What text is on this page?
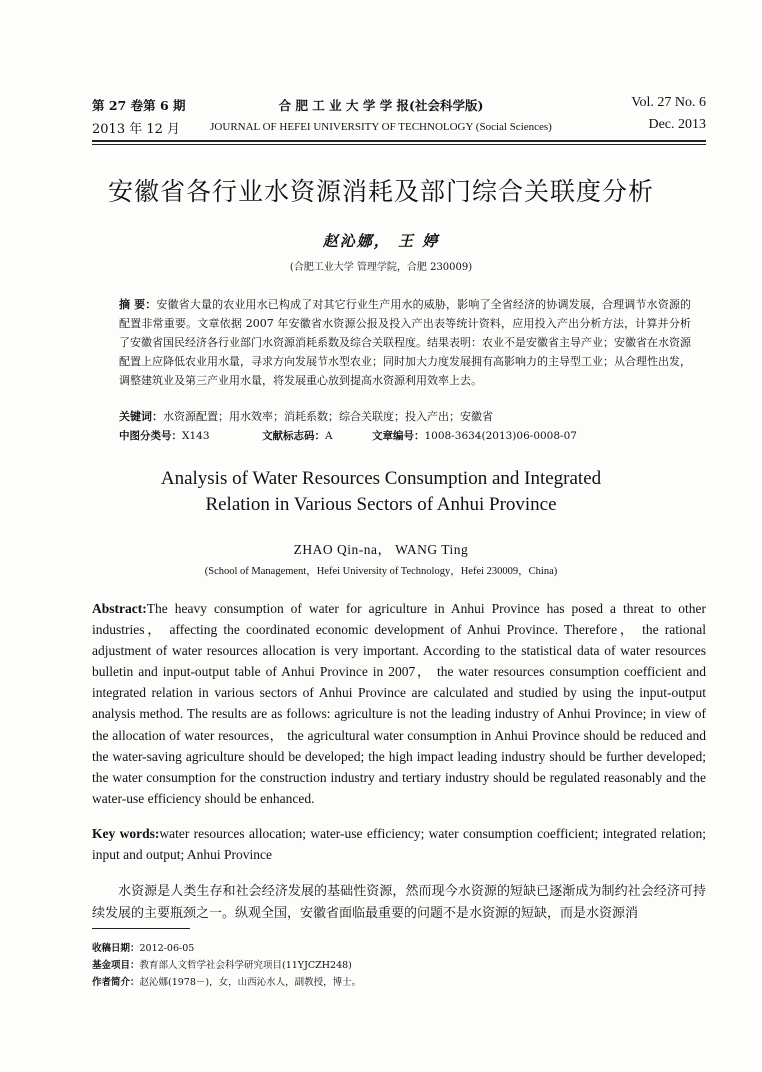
第 27 卷第 6 期
2013 年 12 月
合 肥 工 业 大 学 学 报(社会科学版)
JOURNAL OF HEFEI UNIVERSITY OF TECHNOLOGY (Social Sciences)
Vol. 27 No. 6
Dec. 2013
安徽省各行业水资源消耗及部门综合关联度分析
赵沁娜， 王 婷
(合肥工业大学 管理学院，合肥 230009)

摘 要：安徽省大量的农业用水已构成了对其它行业生产用水的威胁，影响了全省经济的协调发展，合理调节水资源的配置非常重要。文章依据 2007 年安徽省水资源公报及投入产出表等统计资料，应用投入产出分析方法，计算并分析了安徽省国民经济各行业部门水资源消耗系数及综合关联程度。结果表明：农业不是安徽省主导产业；安徽省在水资源配置上应降低农业用水量，寻求方向发展节水型农业；同时加大力度发展拥有高影响力的主导型工业；从合理性出发，调整建筑业及第三产业用水量，将发展重心放到提高水资源利用效率上去。

关键词：水资源配置；用水效率；消耗系数；综合关联度；投入产出；安徽省
中图分类号：X143	文献标志码：A	文章编号：1008-3634(2013)06-0008-07
Analysis of Water Resources Consumption and Integrated
Relation in Various Sectors of Anhui Province
ZHAO Qin-na， WANG Ting
(School of Management，Hefei University of Technology，Hefei 230009，China)

Abstract:The heavy consumption of water for agriculture in Anhui Province has posed a threat to other industries， affecting the coordinated economic development of Anhui Province. Therefore， the rational adjustment of water resources allocation is very important. According to the statistical data of water resources bulletin and input-output table of Anhui Province in 2007， the water resources consumption coefficient and integrated relation in various sectors of Anhui Province are calculated and studied by using the input-output analysis method. The results are as follows: agriculture is not the leading industry of Anhui Province; in view of the allocation of water resources， the agricultural water consumption in Anhui Province should be reduced and the water-saving agriculture should be developed; the high impact leading industry should be further developed; the water consumption for the construction industry and tertiary industry should be regulated reasonably and the water-use efficiency should be enhanced.

Key words:water resources allocation; water-use efficiency; water consumption coefficient; integrated relation; input and output; Anhui Province

水资源是人类生存和社会经济发展的基础性资源，然而现今水资源的短缺已逐渐成为制约社会经济可持续发展的主要瓶颈之一。纵观全国，安徽省面临最重要的问题不是水资源的短缺，而是水资源消

收稿日期：2012-06-05
基金项目：教育部人文哲学社会科学研究项目(11YJCZH248)
作者简介：赵沁娜(1978－)，女，山西沁水人，副教授，博士。
